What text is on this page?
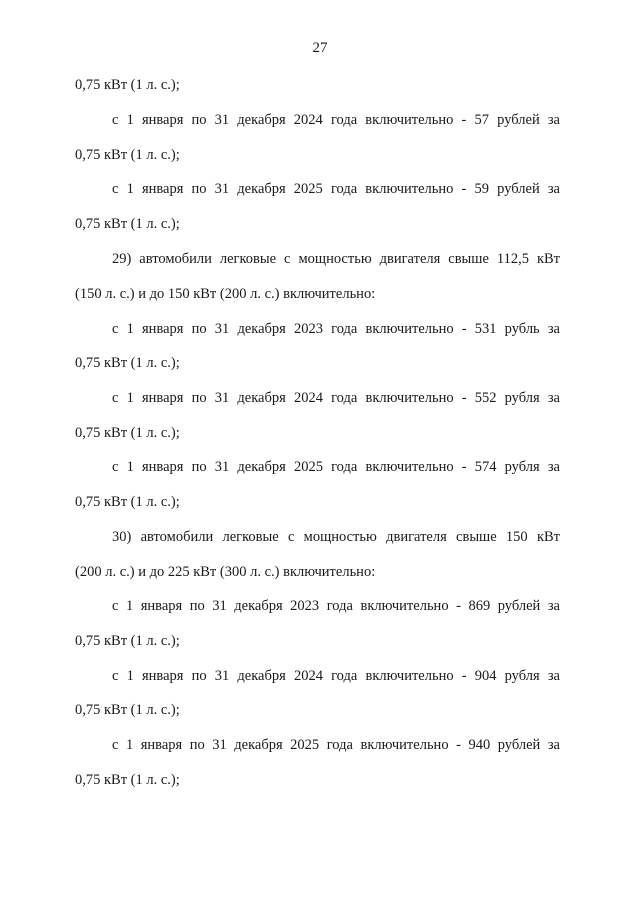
27
0,75 кВт (1 л. с.);
с 1 января по 31 декабря 2024 года включительно - 57 рублей за
0,75 кВт (1 л. с.);
с 1 января по 31 декабря 2025 года включительно - 59 рублей за
0,75 кВт (1 л. с.);
29) автомобили легковые с мощностью двигателя свыше 112,5 кВт
(150 л. с.) и до 150 кВт (200 л. с.) включительно:
с 1 января по 31 декабря 2023 года включительно - 531 рубль за
0,75 кВт (1 л. с.);
с 1 января по 31 декабря 2024 года включительно - 552 рубля за
0,75 кВт (1 л. с.);
с 1 января по 31 декабря 2025 года включительно - 574 рубля за
0,75 кВт (1 л. с.);
30) автомобили легковые с мощностью двигателя свыше 150 кВт
(200 л. с.) и до 225 кВт (300 л. с.) включительно:
с 1 января по 31 декабря 2023 года включительно - 869 рублей за
0,75 кВт (1 л. с.);
с 1 января по 31 декабря 2024 года включительно - 904 рубля за
0,75 кВт (1 л. с.);
с 1 января по 31 декабря 2025 года включительно - 940 рублей за
0,75 кВт (1 л. с.);
